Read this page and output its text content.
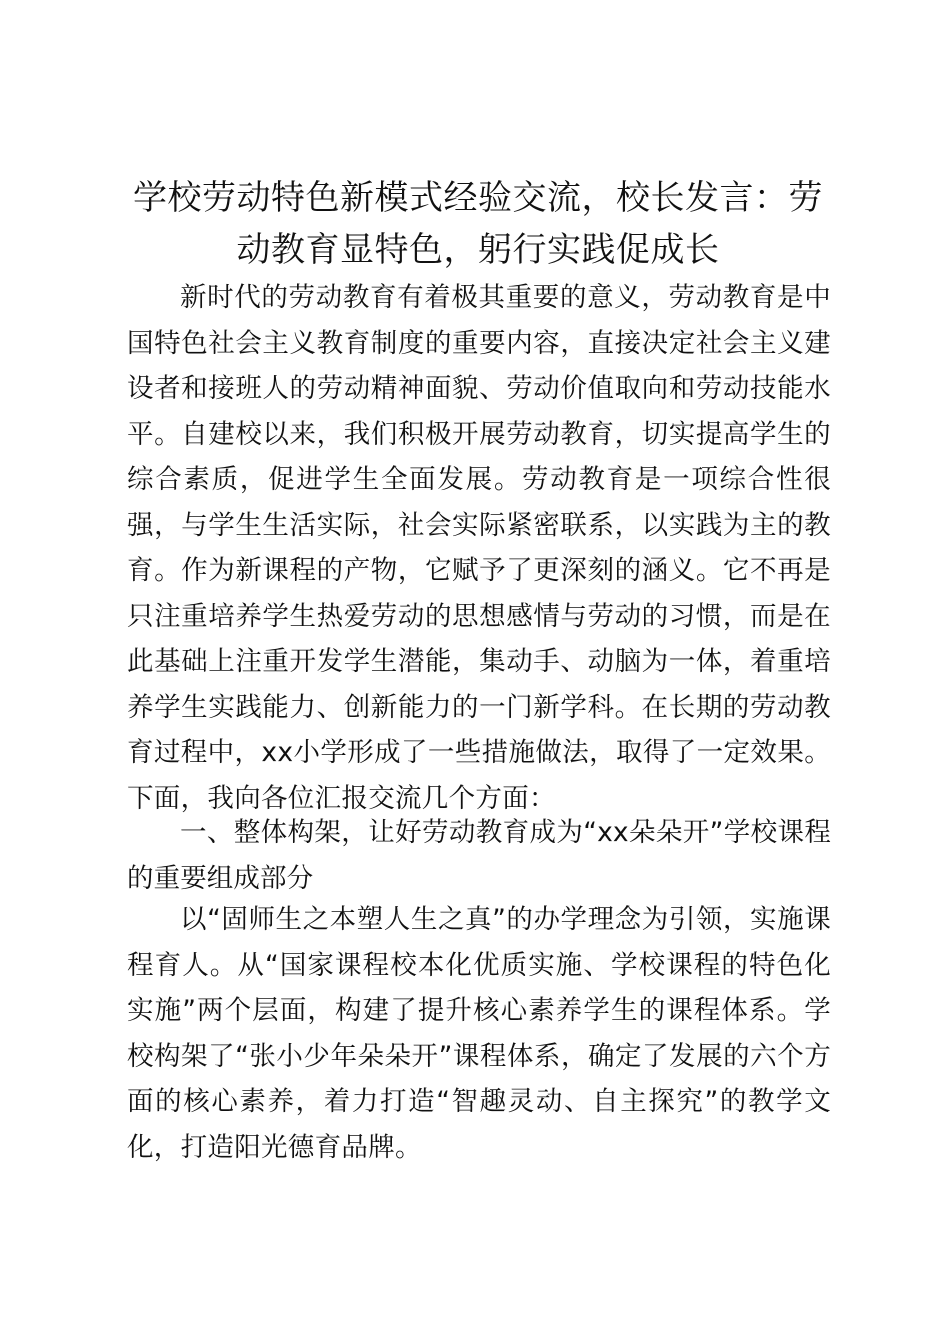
学校劳动特色新模式经验交流，校长发言：劳动教育显特色，躬行实践促成长

新时代的劳动教育有着极其重要的意义，劳动教育是中国特色社会主义教育制度的重要内容，直接决定社会主义建设者和接班人的劳动精神面貌、劳动价值取向和劳动技能水平。自建校以来，我们积极开展劳动教育，切实提高学生的综合素质，促进学生全面发展。劳动教育是一项综合性很强，与学生生活实际，社会实际紧密联系，以实践为主的教育。作为新课程的产物，它赋予了更深刻的涵义。它不再是只注重培养学生热爱劳动的思想感情与劳动的习惯，而是在此基础上注重开发学生潜能，集动手、动脑为一体，着重培养学生实践能力、创新能力的一门新学科。在长期的劳动教育过程中，xx小学形成了一些措施做法，取得了一定效果。下面，我向各位汇报交流几个方面：

一、整体构架，让好劳动教育成为“xx朵朵开”学校课程的重要组成部分

以“固师生之本塑人生之真”的办学理念为引领，实施课程育人。从“国家课程校本化优质实施、学校课程的特色化实施”两个层面，构建了提升核心素养学生的课程体系。学校构架了“张小少年朵朵开”课程体系，确定了发展的六个方面的核心素养，着力打造“智趣灵动、自主探究”的教学文化，打造阳光德育品牌。
